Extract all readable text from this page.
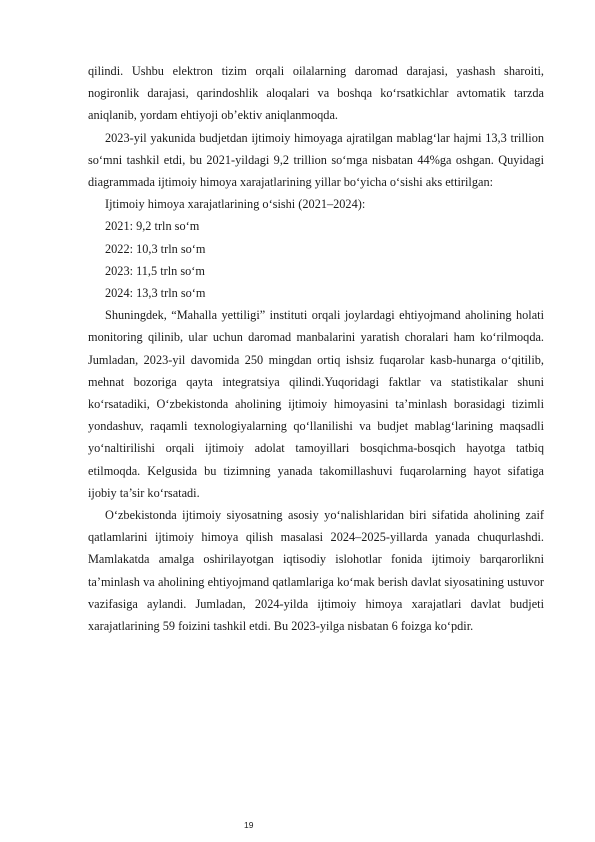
qilindi. Ushbu elektron tizim orqali oilalarning daromad darajasi, yashash sharoiti, nogironlik darajasi, qarindoshlik aloqalari va boshqa ko‘rsatkichlar avtomatik tarzda aniqlanib, yordam ehtiyoji ob’ektiv aniqlanmoqda.

2023-yil yakunida budjetdan ijtimoiy himoyaga ajratilgan mablag‘lar hajmi 13,3 trillion so‘mni tashkil etdi, bu 2021-yildagi 9,2 trillion so‘mga nisbatan 44%ga oshgan. Quyidagi diagrammada ijtimoiy himoya xarajatlarining yillar bo‘yicha o‘sishi aks ettirilgan:

Ijtimoiy himoya xarajatlarining o‘sishi (2021–2024):

2021: 9,2 trln so‘m

2022: 10,3 trln so‘m

2023: 11,5 trln so‘m

2024: 13,3 trln so‘m

Shuningdek, “Mahalla yettiligi” instituti orqali joylardagi ehtiyojmand aholining holati monitoring qilinib, ular uchun daromad manbalarini yaratish choralari ham ko‘rilmoqda. Jumladan, 2023-yil davomida 250 mingdan ortiq ishsiz fuqarolar kasb-hunarga o‘qitilib, mehnat bozoriga qayta integratsiya qilindi.Yuqoridagi faktlar va statistikalar shuni ko‘rsatadiki, O‘zbekistonda aholining ijtimoiy himoyasini ta’minlash borasidagi tizimli yondashuv, raqamli texnologiyalarning qo‘llanilishi va budjet mablag‘larining maqsadli yo‘naltirilishi orqali ijtimoiy adolat tamoyillari bosqichma-bosqich hayotga tatbiq etilmoqda. Kelgusida bu tizimning yanada takomillashuvi fuqarolarning hayot sifatiga ijobiy ta’sir ko‘rsatadi.

O‘zbekistonda ijtimoiy siyosatning asosiy yo‘nalishlaridan biri sifatida aholining zaif qatlamlarini ijtimoiy himoya qilish masalasi 2024–2025-yillarda yanada chuqurlashdi. Mamlakatda amalga oshirilayotgan iqtisodiy islohotlar fonida ijtimoiy barqarorlikni ta’minlash va aholining ehtiyojmand qatlamlariga ko‘mak berish davlat siyosatining ustuvor vazifasiga aylandi. Jumladan, 2024-yilda ijtimoiy himoya xarajatlari davlat budjeti xarajatlarining 59 foizini tashkil etdi. Bu 2023-yilga nisbatan 6 foizga ko‘pdir.

19
